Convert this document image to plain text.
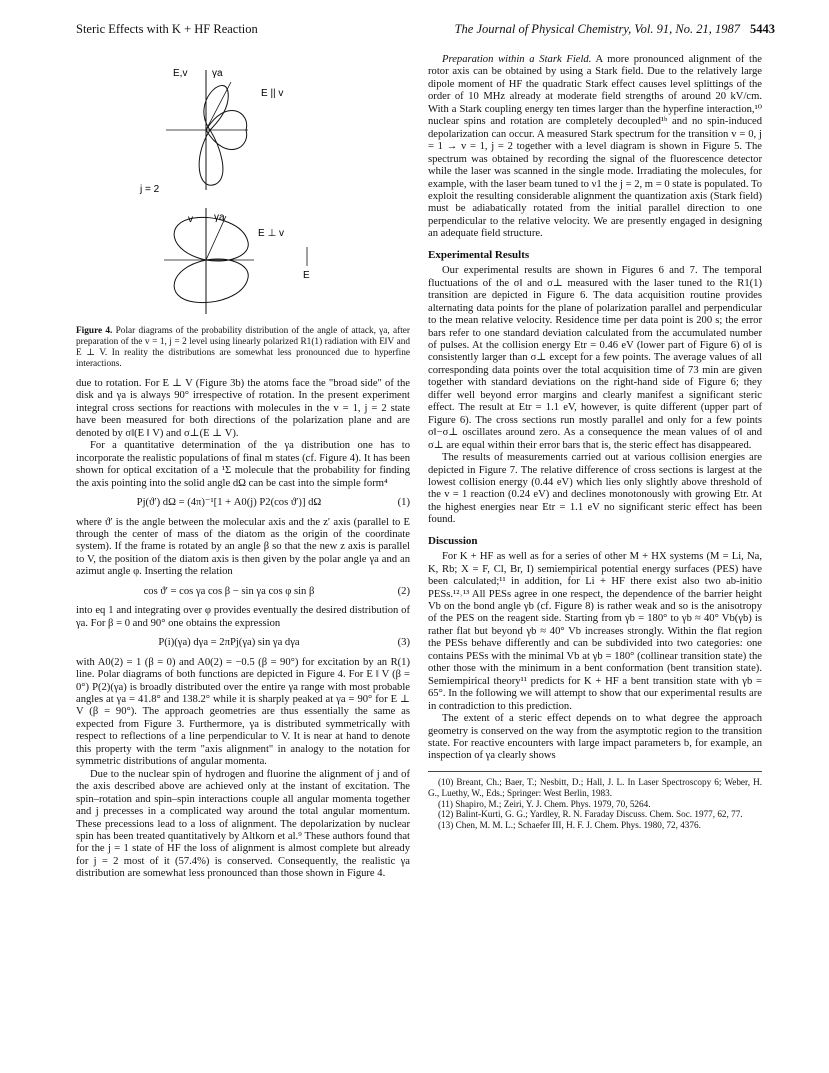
Steric Effects with K + HF Reaction	The Journal of Physical Chemistry, Vol. 91, No. 21, 1987 5443
E,v γa
E || v
j = 2
v γa
E ⊥ v
E
Figure 4. Polar diagrams of the probability distribution of the angle of attack, γa, after preparation of the v = 1, j = 2 level using linearly polarized R1(1) radiation with E‖V and E ⊥ V. In reality the distributions are somewhat less pronounced due to hyperfine interactions.

due to rotation. For E ⊥ V (Figure 3b) the atoms face the "broad side" of the disk and γa is always 90° irrespective of rotation. In the present experiment integral cross sections for reactions with molecules in the v = 1, j = 2 state have been measured for both directions of the polarization plane and are denoted by σ‖(E ‖ V) and σ⊥(E ⊥ V).

For a quantitative determination of the γa distribution one has to incorporate the realistic populations of final m states (cf. Figure 4). It has been shown for optical excitation of a ¹Σ molecule that the probability for finding the axis pointing into the solid angle dΩ can be cast into the simple form⁴

Pj(ϑ′) dΩ = (4π)⁻¹[1 + A0(j) P2(cos ϑ′)] dΩ	(1)

where ϑ′ is the angle between the molecular axis and the z′ axis (parallel to E through the center of mass of the diatom as the origin of the coordinate system). If the frame is rotated by an angle β so that the new z axis is parallel to V, the position of the diatom axis is then given by the polar angle γa and an azimut angle φ. Inserting the relation

cos ϑ′ = cos γa cos β − sin γa cos φ sin β	(2)

into eq 1 and integrating over φ provides eventually the desired distribution of γa. For β = 0 and 90° one obtains the expression

P(i)(γa) dγa = 2πPj(γa) sin γa dγa	(3)

with A0(2) = 1 (β = 0) and A0(2) = −0.5 (β = 90°) for excitation by an R(1) line. Polar diagrams of both functions are depicted in Figure 4. For E ‖ V (β = 0°) P(2)(γa) is broadly distributed over the entire γa range with most probable angles at γa = 41.8° and 138.2° while it is sharply peaked at γa = 90° for E ⊥ V (β = 90°). The approach geometries are thus essentially the same as expected from Figure 3. Furthermore, γa is distributed symmetrically with respect to reflections of a line perpendicular to V. It is near at hand to denote this property with the term "axis alignment" in analogy to the notation for symmetric distributions of angular momenta.

Due to the nuclear spin of hydrogen and fluorine the alignment of j and of the axis described above are achieved only at the instant of excitation. The spin–rotation and spin–spin interactions couple all angular momenta together and j precesses in a complicated way around the total angular momentum. These precessions lead to a loss of alignment. The depolarization by nuclear spin has been treated quantitatively by Altkorn et al.⁹ These authors found that for the j = 1 state of HF the loss of alignment is almost complete but already for j = 2 most of it (57.4%) is conserved. Consequently, the realistic γa distribution are somewhat less pronounced than those shown in Figure 4.

Preparation within a Stark Field. A more pronounced alignment of the rotor axis can be obtained by using a Stark field. Due to the relatively large dipole moment of HF the quadratic Stark effect causes level splittings of the order of 10 MHz already at moderate field strengths of around 20 kV/cm. With a Stark coupling energy ten times larger than the hyperfine interaction,¹⁰ nuclear spins and rotation are completely decoupled¹ᵇ and no spin-induced depolarization can occur. A measured Stark spectrum for the transition v = 0, j = 1 → v = 1, j = 2 together with a level diagram is shown in Figure 5. The spectrum was obtained by recording the signal of the fluorescence detector while the laser was scanned in the single mode. Irradiating the molecules, for example, with the laser beam tuned to ν1 the j = 2, m = 0 state is populated. To exploit the resulting considerable alignment the quantization axis (Stark field) must be adiabatically rotated from the initial parallel direction to one perpendicular to the relative velocity. We are presently engaged in designing an adequate field structure.

Experimental Results

Our experimental results are shown in Figures 6 and 7. The temporal fluctuations of the σ‖ and σ⊥ measured with the laser tuned to the R1(1) transition are depicted in Figure 6. The data acquisition routine provides alternating data points for the plane of polarization parallel and perpendicular to the mean relative velocity. Residence time per data point is 200 s; the error bars refer to one standard deviation calculated from the accumulated number of pulses. At the collision energy Etr = 0.46 eV (lower part of Figure 6) σ‖ is consistently larger than σ⊥ except for a few points. The average values of all corresponding data points over the total acquisition time of 73 min are given together with standard deviations on the right-hand side of Figure 6; they differ well beyond error margins and clearly manifest a significant steric effect. The result at Etr = 1.1 eV, however, is quite different (upper part of Figure 6). The cross sections run mostly parallel and only for a few points σ‖−σ⊥ oscillates around zero. As a consequence the mean values of σ‖ and σ⊥ are equal within their error bars that is, the steric effect has disappeared.

The results of measurements carried out at various collision energies are depicted in Figure 7. The relative difference of cross sections is largest at the lowest collision energy (0.44 eV) which lies only slightly above threshold of the v = 1 reaction (0.24 eV) and declines monotonously with growing Etr. At the highest energies near Etr = 1.1 eV no significant steric effect has been found.

Discussion

For K + HF as well as for a series of other M + HX systems (M = Li, Na, K, Rb; X = F, Cl, Br, I) semiempirical potential energy surfaces (PES) have been calculated;¹¹ in addition, for Li + HF there exist also two ab-initio PESs.¹²˒¹³ All PESs agree in one respect, the dependence of the barrier height Vb on the bond angle γb (cf. Figure 8) is rather weak and so is the anisotropy of the PES on the reagent side. Starting from γb = 180° to γb ≈ 40° Vb(γb) is rather flat but beyond γb ≈ 40° Vb increases strongly. Within the flat region the PESs behave differently and can be subdivided into two categories: one contains PESs with the minimal Vb at γb = 180° (collinear transition state) the other those with the minimum in a bent conformation (bent transition state). Semiempirical theory¹¹ predicts for K + HF a bent transition state with γb = 65°. In the following we will attempt to show that our experimental results are in contradiction to this prediction.

The extent of a steric effect depends on to what degree the approach geometry is conserved on the way from the asymptotic region to the transition state. For reactive encounters with large impact parameters b, for example, an inspection of γa clearly shows

(10) Breant, Ch.; Baer, T.; Nesbitt, D.; Hall, J. L. In Laser Spectroscopy 6; Weber, H. G., Luethy, W., Eds.; Springer: West Berlin, 1983.
(11) Shapiro, M.; Zeiri, Y. J. Chem. Phys. 1979, 70, 5264.
(12) Balint-Kurti, G. G.; Yardley, R. N. Faraday Discuss. Chem. Soc. 1977, 62, 77.
(13) Chen, M. M. L.; Schaefer III, H. F. J. Chem. Phys. 1980, 72, 4376.
